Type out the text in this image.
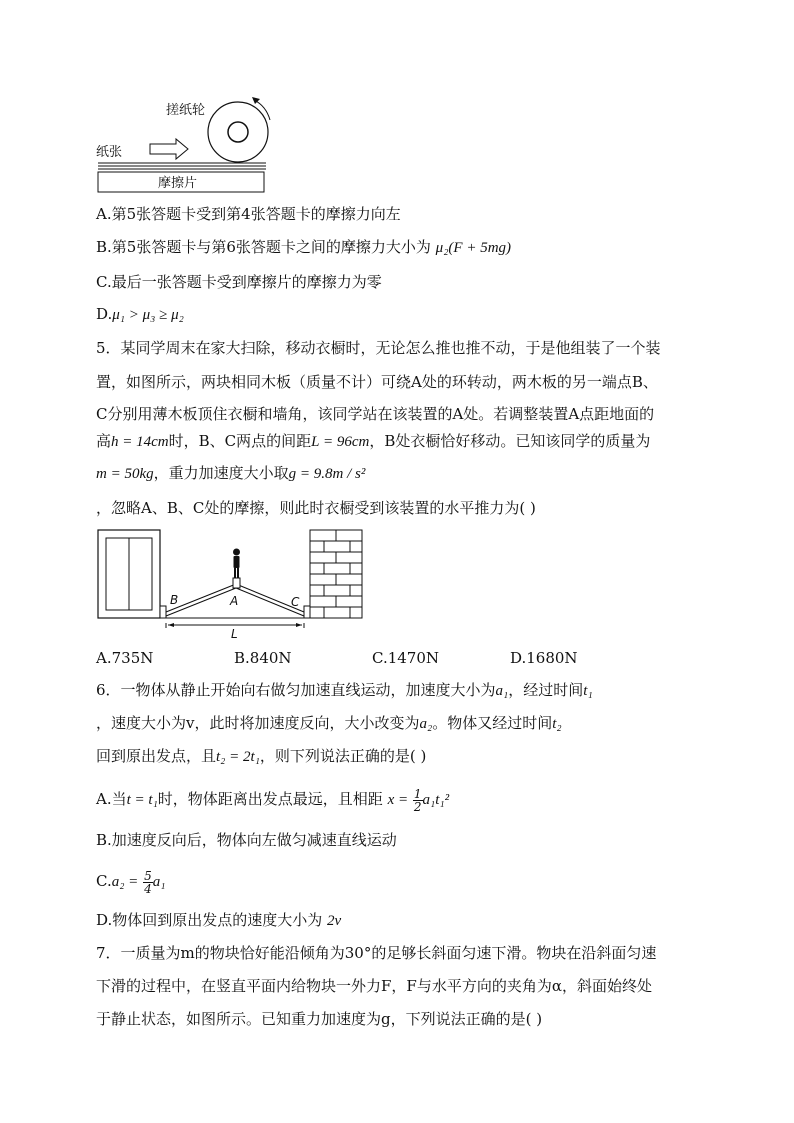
搓纸轮
纸张
摩擦片
A.第5张答题卡受到第4张答题卡的摩擦力向左
B.第5张答题卡与第6张答题卡之间的摩擦力大小为 μ₂(F + 5mg)
C.最后一张答题卡受到摩擦片的摩擦力为零
D.μ₁ > μ₃ ≥ μ₂
5．某同学周末在家大扫除，移动衣橱时，无论怎么推也推不动，于是他组装了一个装
置，如图所示，两块相同木板（质量不计）可绕A处的环转动，两木板的另一端点B、
C分别用薄木板顶住衣橱和墙角，该同学站在该装置的A处。若调整装置A点距地面的
高h = 14cm时，B、C两点的间距L = 96cm，B处衣橱恰好移动。已知该同学的质量为
m = 50kg，重力加速度大小取g = 9.8m / s²
，忽略A、B、C处的摩擦，则此时衣橱受到该装置的水平推力为( )
B	A	C
L
A.735N	B.840N	C.1470N	D.1680N
6．一物体从静止开始向右做匀加速直线运动，加速度大小为a₁，经过时间t₁
，速度大小为v，此时将加速度反向，大小改变为a₂。物体又经过时间t₂
回到原出发点，且t₂ = 2t₁，则下列说法正确的是( )
A.当t = t₁时，物体距离出发点最远，且相距 $x = \frac{1}{2} a_1t_1^2$
B.加速度反向后，物体向左做匀减速直线运动
$C.a_2 = \frac{5}{4} a_1$
D.物体回到原出发点的速度大小为 2v
7．一质量为m的物块恰好能沿倾角为30°的足够长斜面匀速下滑。物块在沿斜面匀速
下滑的过程中，在竖直平面内给物块一外力F，F与水平方向的夹角为α，斜面始终处
于静止状态，如图所示。已知重力加速度为g，下列说法正确的是( )
